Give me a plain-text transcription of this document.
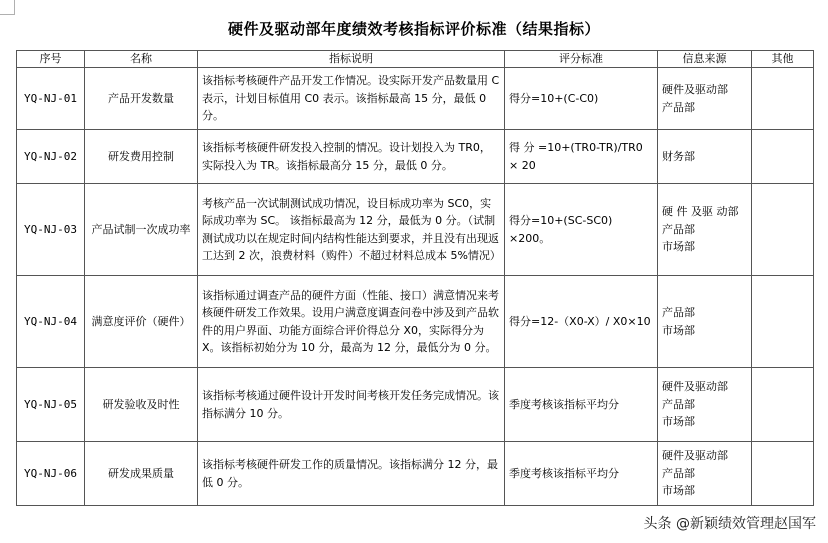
硬件及驱动部年度绩效考核指标评价标准（结果指标）
序号	名称	指标说明	评分标准	信息来源	其他
YQ-NJ-01	产品开发数量	该指标考核硬件产品开发工作情况。设实际开发产品数量用 C 表示，计划目标值用 C0 表示。该指标最高 15 分，最低 0 分。	得分=10+(C-C0)	硬件及驱动部
产品部	

YQ-NJ-02	研发费用控制	该指标考核硬件研发投入控制的情况。设计划投入为 TR0，实际投入为 TR。该指标最高分 15 分，最低 0 分。	得 分 =10+(TR0-TR)/TR0 × 20	财务部	

YQ-NJ-03	产品试制一次成功率	考核产品一次试制测试成功情况，设目标成功率为 SC0，实际成功率为 SC。 该指标最高为 12 分，最低为 0 分。（试制测试成功以在规定时间内结构性能达到要求，并且没有出现返工达到 2 次，浪费材料（购件）不超过材料总成本 5%情况）	得分=10+(SC-SC0) ×200。	硬 件 及驱 动部
产品部
市场部	

YQ-NJ-04	满意度评价（硬件）	该指标通过调查产品的硬件方面（性能、接口）满意情况来考核硬件研发工作效果。设用户满意度调查问卷中涉及到产品软件的用户界面、功能方面综合评价得总分 X0，实际得分为 X。该指标初始分为 10 分，最高为 12 分，最低分为 0 分。	得分=12-（X0-X）/ X0×10	产品部
市场部	

YQ-NJ-05	研发验收及时性	该指标考核通过硬件设计开发时间考核开发任务完成情况。该指标满分 10 分。	季度考核该指标平均分	硬件及驱动部
产品部
市场部	

YQ-NJ-06	研发成果质量	该指标考核硬件研发工作的质量情况。该指标满分 12 分，最低 0 分。	季度考核该指标平均分	硬件及驱动部
产品部
市场部	

头条 @新颖绩效管理赵国军
